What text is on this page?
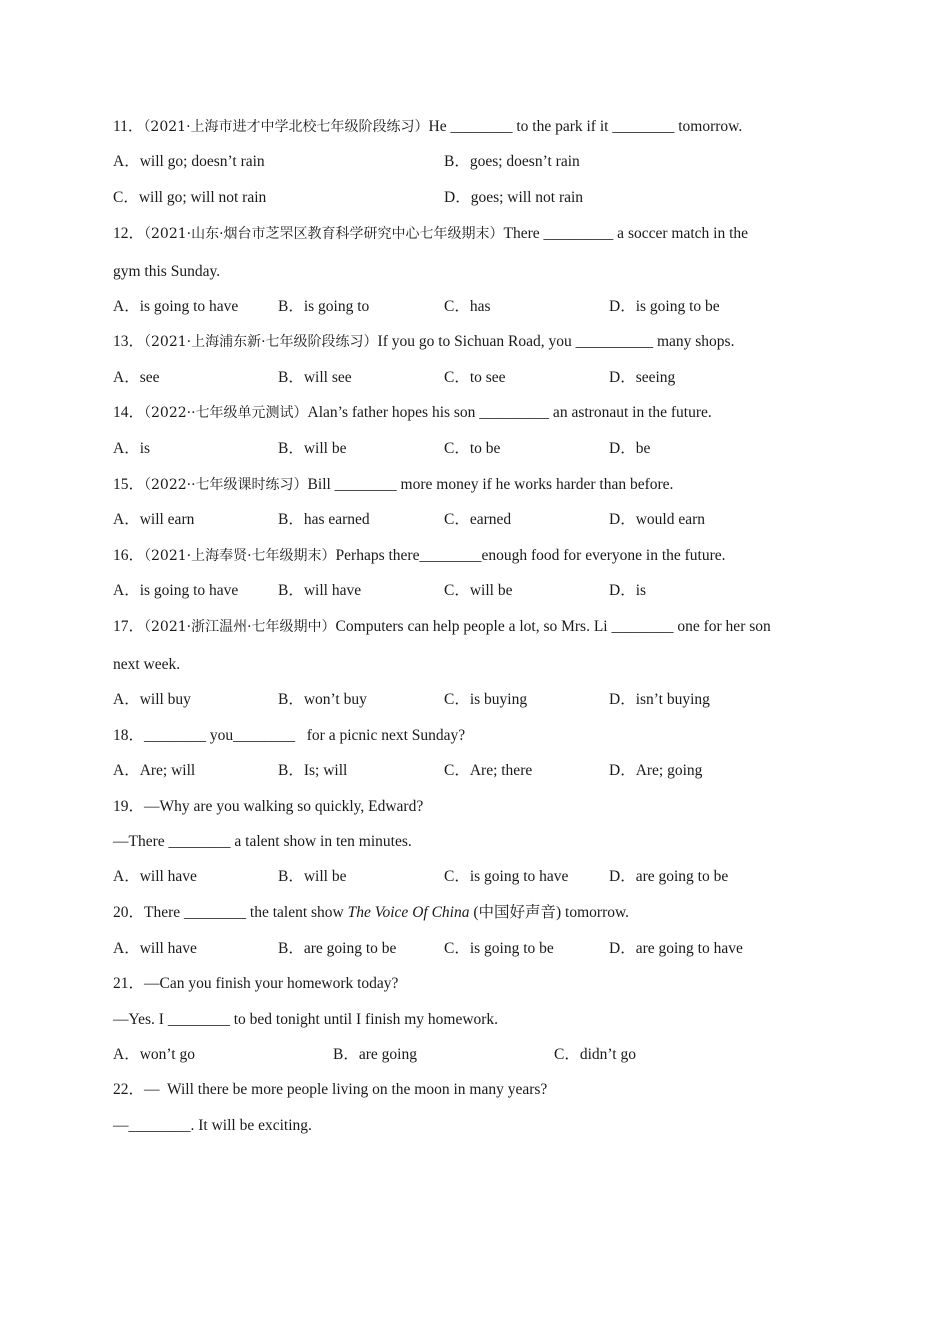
11．（2021·上海市进才中学北校七年级阶段练习）He ________ to the park if it ________ tomorrow.
A．will go; doesn’t rain	B．goes; doesn’t rain
C．will go; will not rain	D．goes; will not rain
12．（2021·山东·烟台市芝罘区教育科学研究中心七年级期末）There _________ a soccer match in the
gym this Sunday.
A．is going to have	B．is going to	C．has	D．is going to be
13．（2021·上海浦东新·七年级阶段练习）If you go to Sichuan Road, you __________ many shops.
A．see	B．will see	C．to see	D．seeing
14．（2022··七年级单元测试）Alan’s father hopes his son _________ an astronaut in the future.
A．is	B．will be	C．to be	D．be
15．（2022··七年级课时练习）Bill ________ more money if he works harder than before.
A．will earn	B．has earned	C．earned	D．would earn
16．（2021·上海奉贤·七年级期末）Perhaps there________enough food for everyone in the future.
A．is going to have	B．will have	C．will be	D．is
17．（2021·浙江温州·七年级期中）Computers can help people a lot, so Mrs. Li ________ one for her son
next week.
A．will buy	B．won’t buy	C．is buying	D．isn’t buying
18．________ you________   for a picnic next Sunday?
A．Are; will	B．Is; will	C．Are; there	D．Are; going
19．—Why are you walking so quickly, Edward?
—There ________ a talent show in ten minutes.
A．will have	B．will be	C．is going to have	D．are going to be
20．There ________ the talent show The Voice Of China (中国好声音) tomorrow.
A．will have	B．are going to be	C．is going to be	D．are going to have
21．—Can you finish your homework today?
—Yes. I ________ to bed tonight until I finish my homework.
A．won’t go	B．are going	C．didn’t go
22．—  Will there be more people living on the moon in many years?
—________. It will be exciting.
